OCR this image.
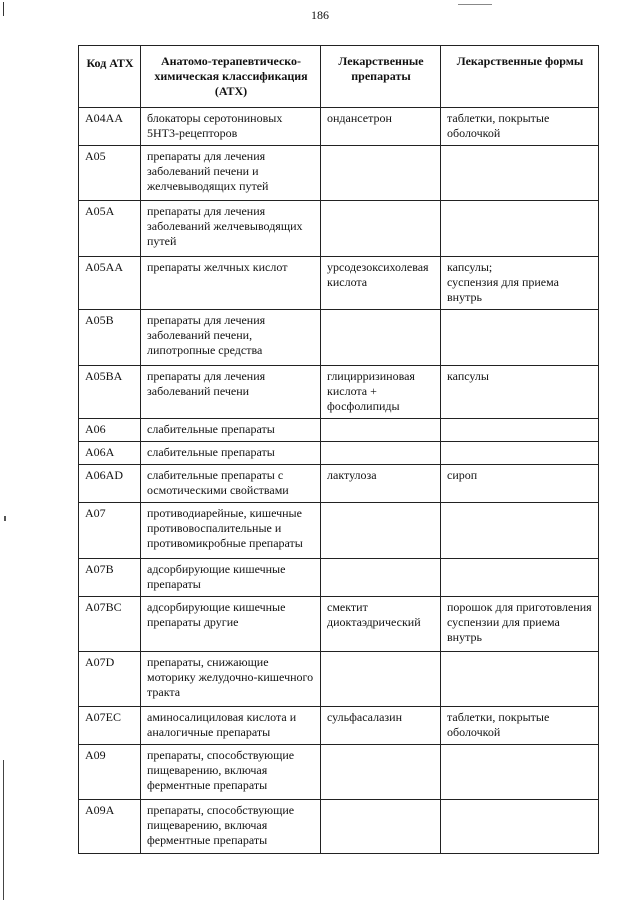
186
Код АТХ	Анатомо-терапевтическо-химическая классификация (АТХ)	Лекарственные препараты	Лекарственные формы

A04AA	блокаторы серотониновых 5НТ3-рецепторов	ондансетрон	таблетки, покрытые оболочкой

A05	препараты для лечения заболеваний печени и желчевыводящих путей		

A05A	препараты для лечения заболеваний желчевыводящих путей		

A05AA	препараты желчных кислот	урсодезоксихолевая кислота	капсулы;
суспензия для приема внутрь

A05B	препараты для лечения заболеваний печени, липотропные средства		

A05BA	препараты для лечения заболеваний печени	глицирризиновая кислота + фосфолипиды	капсулы

A06	слабительные препараты		

A06A	слабительные препараты		

A06AD	слабительные препараты с осмотическими свойствами	лактулоза	сироп

A07	противодиарейные, кишечные противовоспалительные и противомикробные препараты		

A07B	адсорбирующие кишечные препараты		

A07BC	адсорбирующие кишечные препараты другие	смектит диоктаэдрический	порошок для приготовления суспензии для приема внутрь

A07D	препараты, снижающие моторику желудочно-кишечного тракта		

A07EC	аминосалициловая кислота и аналогичные препараты	сульфасалазин	таблетки, покрытые оболочкой

A09	препараты, способствующие пищеварению, включая ферментные препараты		

A09A	препараты, способствующие пищеварению, включая ферментные препараты		
